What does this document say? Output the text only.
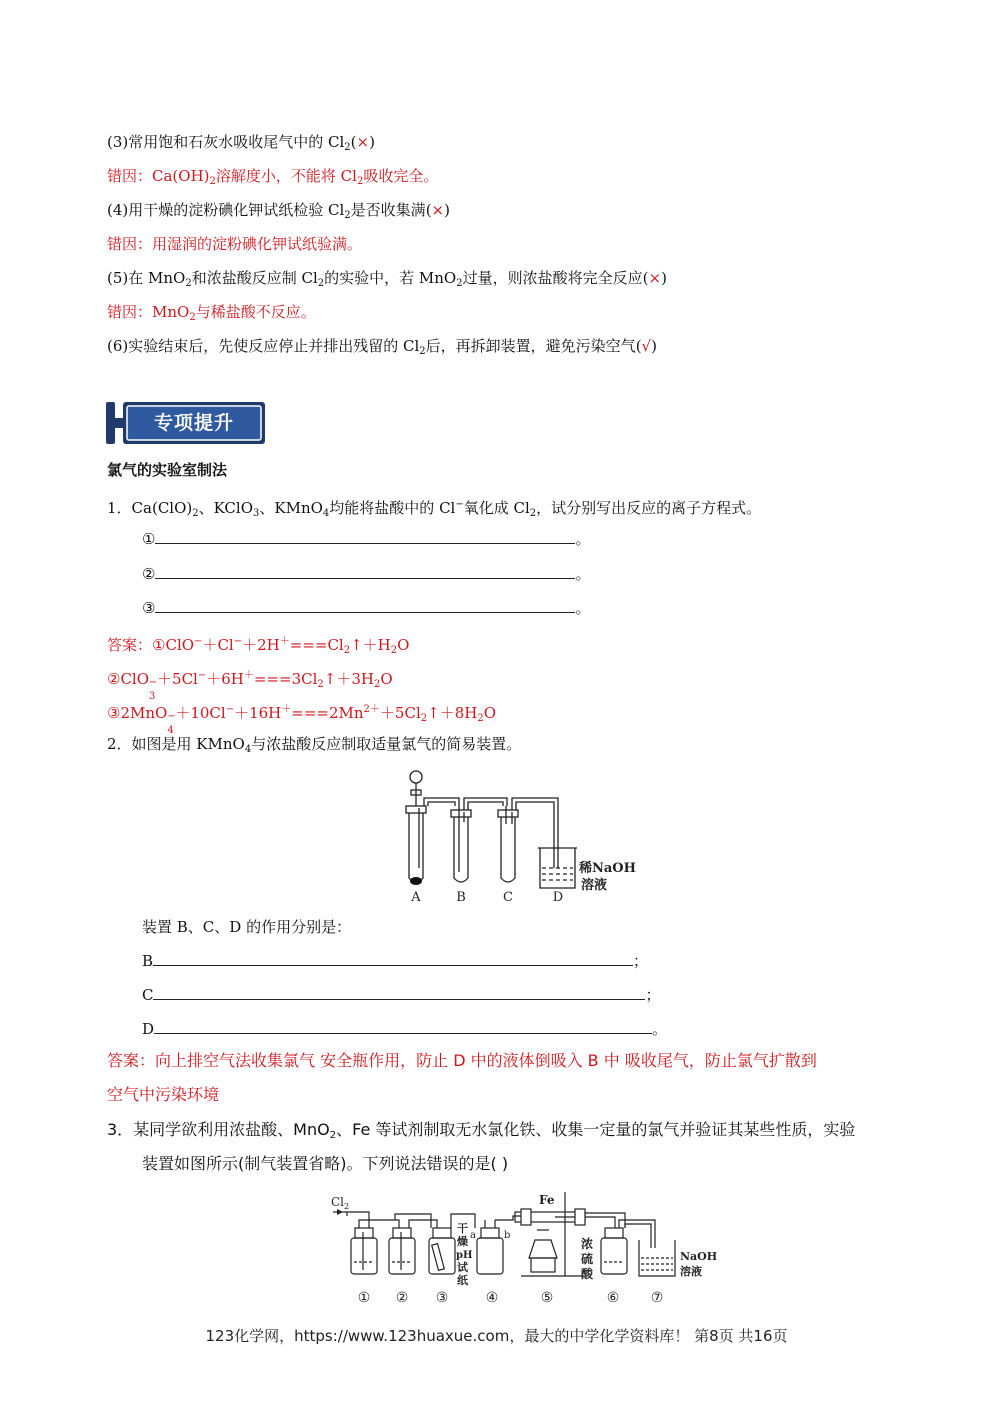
(3)常用饱和石灰水吸收尾气中的 $Cl_2(\times)$
错因：$Ca(OH)_2$溶解度小，不能将 $Cl_2$吸收完全。
(4)用干燥的淀粉碘化钾试纸检验 $Cl_2$是否收集满(×)
错因：用湿润的淀粉碘化钾试纸验满。
(5)在 MnO$_2$和浓盐酸反应制 $Cl_2$的实验中，若 MnO$_2$过量，则浓盐酸将完全反应(×)
错因：MnO$_2$与稀盐酸不反应。
(6)实验结束后，先使反应停止并排出残留的 $Cl_2$后，再拆卸装置，避免污染空气(√)
专项提升
氯气的实验室制法
1．$Ca(ClO)_2$、KClO$_3$、KMnO$_4$均能将盐酸中的 Cl−氧化成 $Cl_2$，试分别写出反应的离子方程式。
①	。
②	。
③	。
答案：$①ClO^-+Cl^-+2H^+===Cl_2↑+H_2O$
②ClO −
3
$+5Cl^-+6H^+===3Cl_2↑+3H_2O$
③2MnO −
4
$+10Cl^-+16H^+===2Mn^{2+}+5Cl_2↑+8H_2O$
2．如图是用 KMnO$_4$与浓盐酸反应制取适量氯气的简易装置。
稀NaOH
溶液
A	B	C	D
装置 B、C、D 的作用分别是：
B	；
C	；
D	。
答案：向上排空气法收集氯气 安全瓶作用，防止 D 中的液体倒吸入 B 中 吸收尾气，防止氯气扩散到
空气中污染环境
3．某同学欲利用浓盐酸、MnO$_2$、Fe 等试剂制取无水氯化铁、收集一定量的氯气并验证其某些性质，实验
装置如图所示(制气装置省略)。下列说法错误的是( )
$Cl_2$	Fe
a	b
干
燥
pH
试
纸
浓
硫
酸
NaOH
溶液
① ② ③	④	⑤	⑥ ⑦
123化学网，https://www.123huaxue.com，最大的中学化学资料库！ 第8页 共16页
